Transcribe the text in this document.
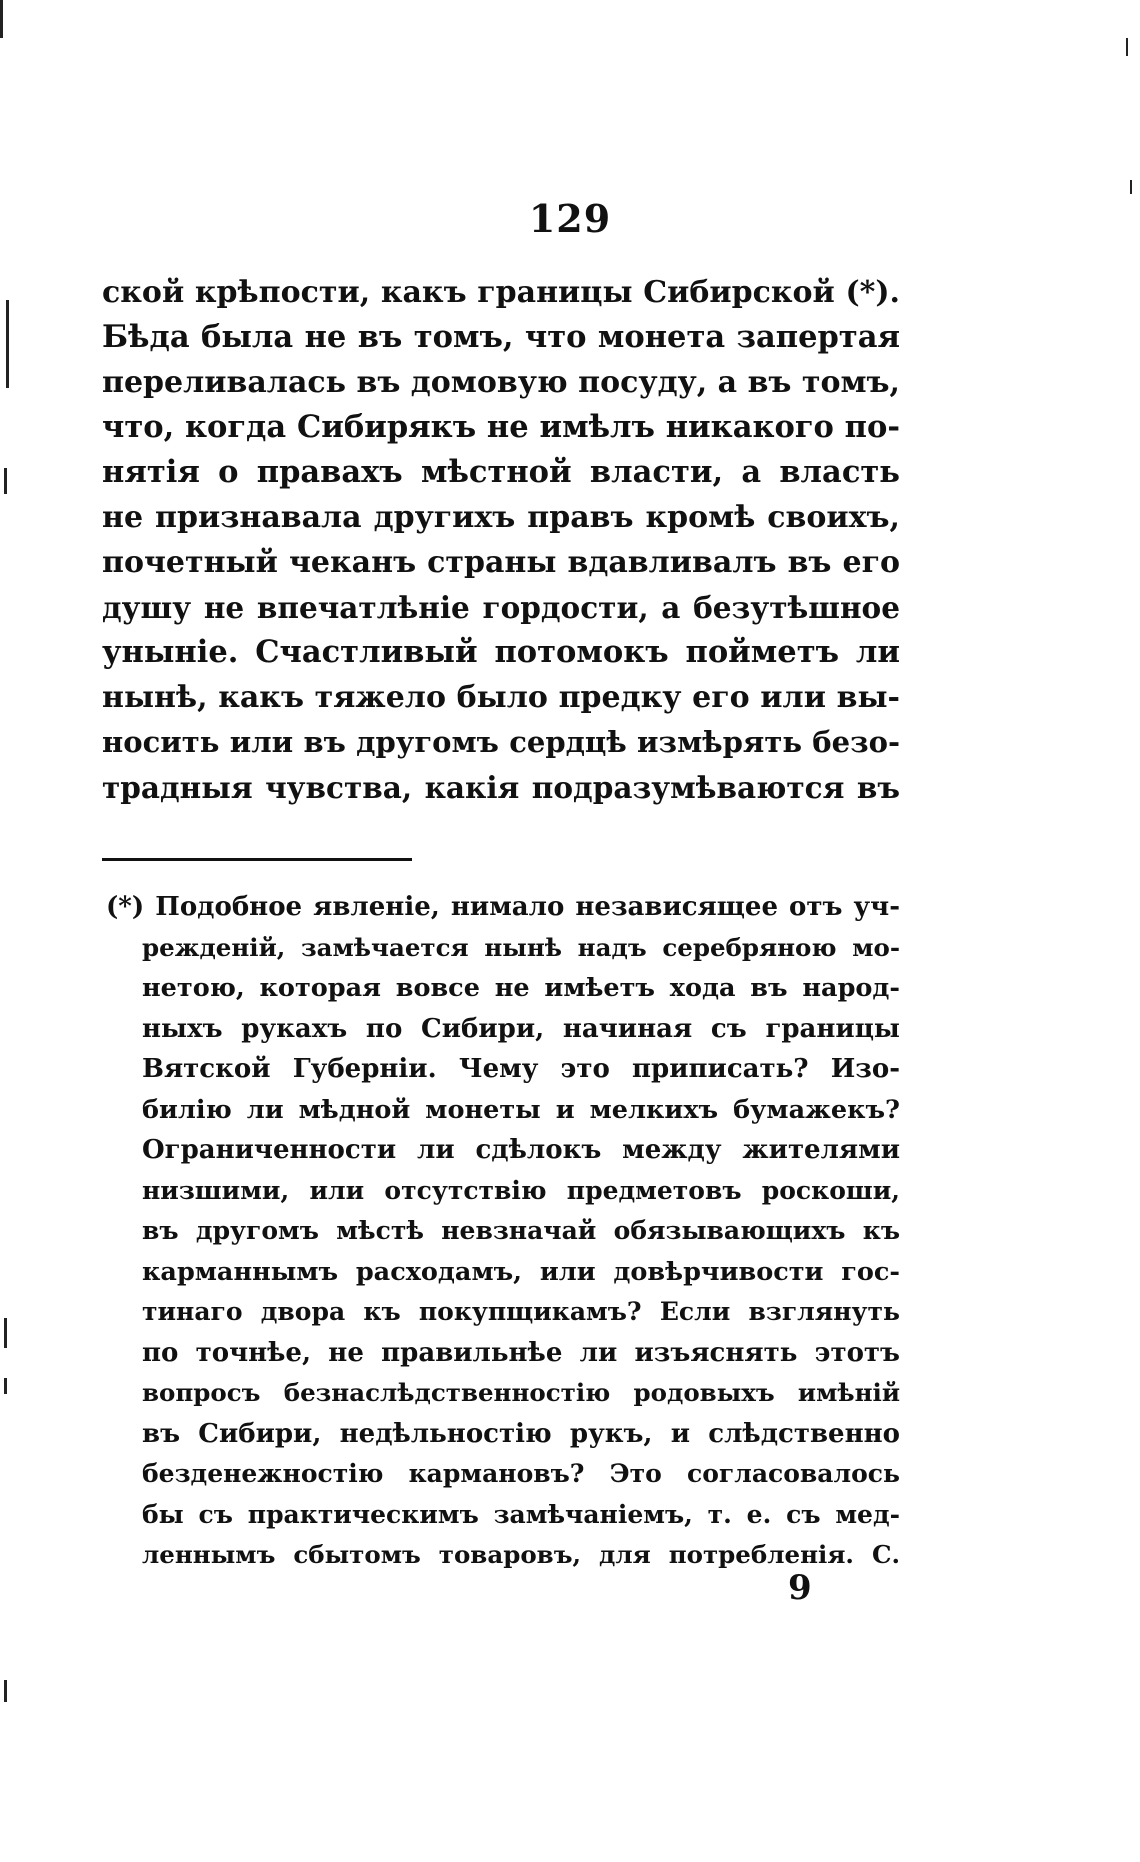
129
ской крѣпости, какъ границы Сибирской (*).
Бѣда была не въ томъ, что монета запертая
переливалась въ домовую посуду, а въ томъ,
что, когда Сибирякъ не имѣлъ никакого по-
нятія о правахъ мѣстной власти, а власть
не признавала другихъ правъ кромѣ своихъ,
почетный чеканъ страны вдавливалъ въ его
душу не впечатлѣніе гордости, а безутѣшное
уныніе. Счастливый потомокъ пойметъ ли
нынѣ, какъ тяжело было предку его или вы-
носить или въ другомъ сердцѣ измѣрять безо-
традныя чувства, какія подразумѣваются въ
(*) Подобное явленіе, нимало независящее отъ уч-
режденій, замѣчается нынѣ надъ серебряною мо-
нетою, которая вовсе не имѣетъ хода въ народ-
ныхъ рукахъ по Сибири, начиная съ границы
Вятской Губерніи. Чему это приписать? Изо-
билію ли мѣдной монеты и мелкихъ бумажекъ?
Ограниченности ли сдѣлокъ между жителями
низшими, или отсутствію предметовъ роскоши,
въ другомъ мѣстѣ невзначай обязывающихъ къ
карманнымъ расходамъ, или довѣрчивости гос-
тинаго двора къ покупщикамъ? Если взглянуть
по точнѣе, не правильнѣе ли изъяснять этотъ
вопросъ безнаслѣдственностію родовыхъ имѣній
въ Сибири, недѣльностію рукъ, и слѣдственно
безденежностію кармановъ? Это согласовалось
бы съ практическимъ замѣчаніемъ, т. е. съ мед-
леннымъ сбытомъ товаровъ, для потребленія. С.
9
